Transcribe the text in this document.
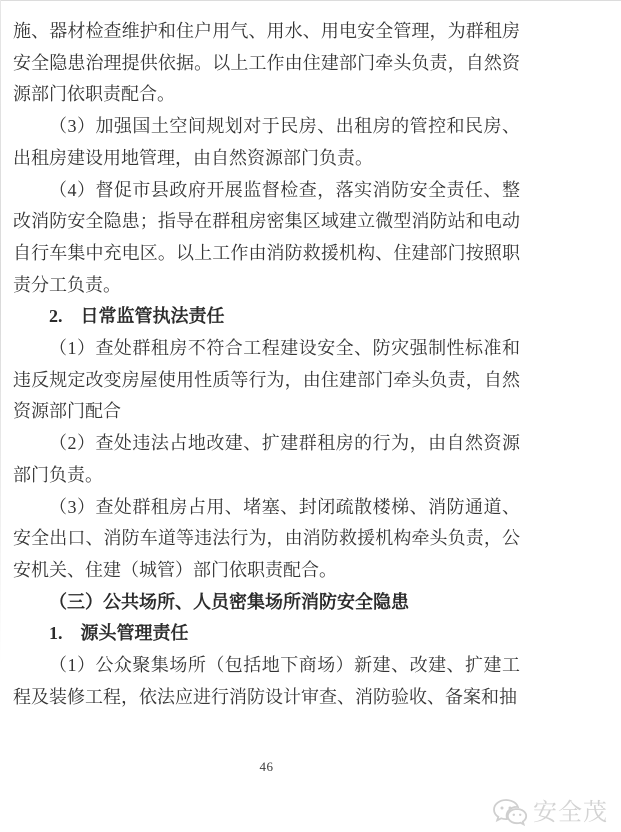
施、器材检查维护和住户用气、用水、用电安全管理，为群租房安全隐患治理提供依据。以上工作由住建部门牵头负责，自然资源部门依职责配合。

（3）加强国土空间规划对于民房、出租房的管控和民房、出租房建设用地管理，由自然资源部门负责。

（4）督促市县政府开展监督检查，落实消防安全责任、整改消防安全隐患；指导在群租房密集区域建立微型消防站和电动自行车集中充电区。以上工作由消防救援机构、住建部门按照职责分工负责。

2.　日常监管执法责任

（1）查处群租房不符合工程建设安全、防灾强制性标准和违反规定改变房屋使用性质等行为，由住建部门牵头负责，自然资源部门配合

（2）查处违法占地改建、扩建群租房的行为，由自然资源部门负责。

（3）查处群租房占用、堵塞、封闭疏散楼梯、消防通道、安全出口、消防车道等违法行为，由消防救援机构牵头负责，公安机关、住建（城管）部门依职责配合。

（三）公共场所、人员密集场所消防安全隐患

1.　源头管理责任

（1）公众聚集场所（包括地下商场）新建、改建、扩建工程及装修工程，依法应进行消防设计审查、消防验收、备案和抽

46
安全茂
